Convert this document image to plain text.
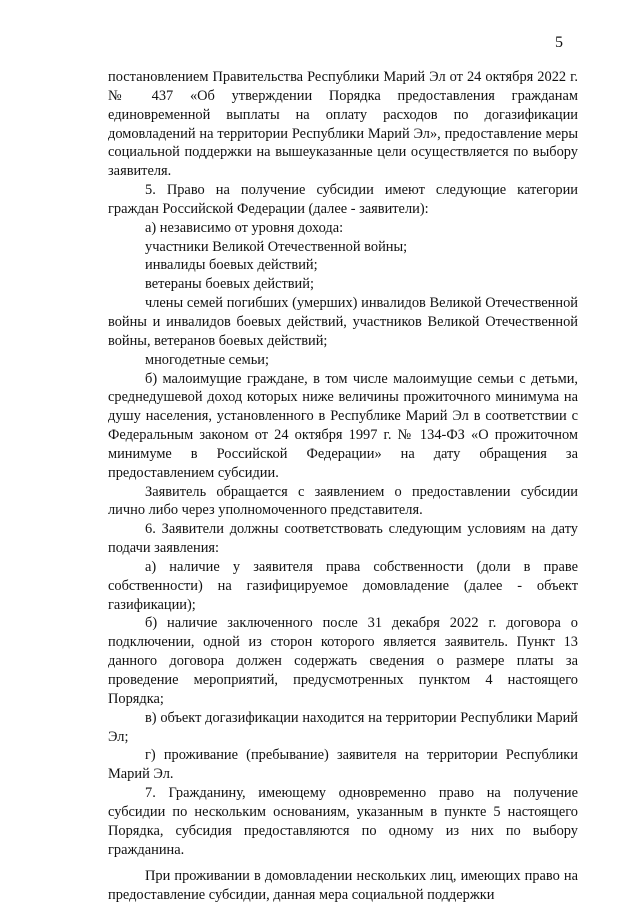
5

постановлением Правительства Республики Марий Эл от 24 октября 2022 г. № 437 «Об утверждении Порядка предоставления гражданам единовременной выплаты на оплату расходов по догазификации домовладений на территории Республики Марий Эл», предоставление меры социальной поддержки на вышеуказанные цели осуществляется по выбору заявителя.

5. Право на получение субсидии имеют следующие категории граждан Российской Федерации (далее - заявители):

а) независимо от уровня дохода:

участники Великой Отечественной войны;

инвалиды боевых действий;

ветераны боевых действий;

члены семей погибших (умерших) инвалидов Великой Отечественной войны и инвалидов боевых действий, участников Великой Отечественной войны, ветеранов боевых действий;

многодетные семьи;

б) малоимущие граждане, в том числе малоимущие семьи с детьми, среднедушевой доход которых ниже величины прожиточного минимума на душу населения, установленного в Республике Марий Эл в соответствии с Федеральным законом от 24 октября 1997 г. № 134-ФЗ «О прожиточном минимуме в Российской Федерации» на дату обращения за предоставлением субсидии.

Заявитель обращается с заявлением о предоставлении субсидии лично либо через уполномоченного представителя.

6. Заявители должны соответствовать следующим условиям на дату подачи заявления:

а) наличие у заявителя права собственности (доли в праве собственности) на газифицируемое домовладение (далее - объект газификации);

б) наличие заключенного после 31 декабря 2022 г. договора о подключении, одной из сторон которого является заявитель. Пункт 13 данного договора должен содержать сведения о размере платы за проведение мероприятий, предусмотренных пунктом 4 настоящего Порядка;

в) объект догазификации находится на территории Республики Марий Эл;

г) проживание (пребывание) заявителя на территории Республики Марий Эл.

7. Гражданину, имеющему одновременно право на получение субсидии по нескольким основаниям, указанным в пункте 5 настоящего Порядка, субсидия предоставляются по одному из них по выбору гражданина.

При проживании в домовладении нескольких лиц, имеющих право на предоставление субсидии, данная мера социальной поддержки
